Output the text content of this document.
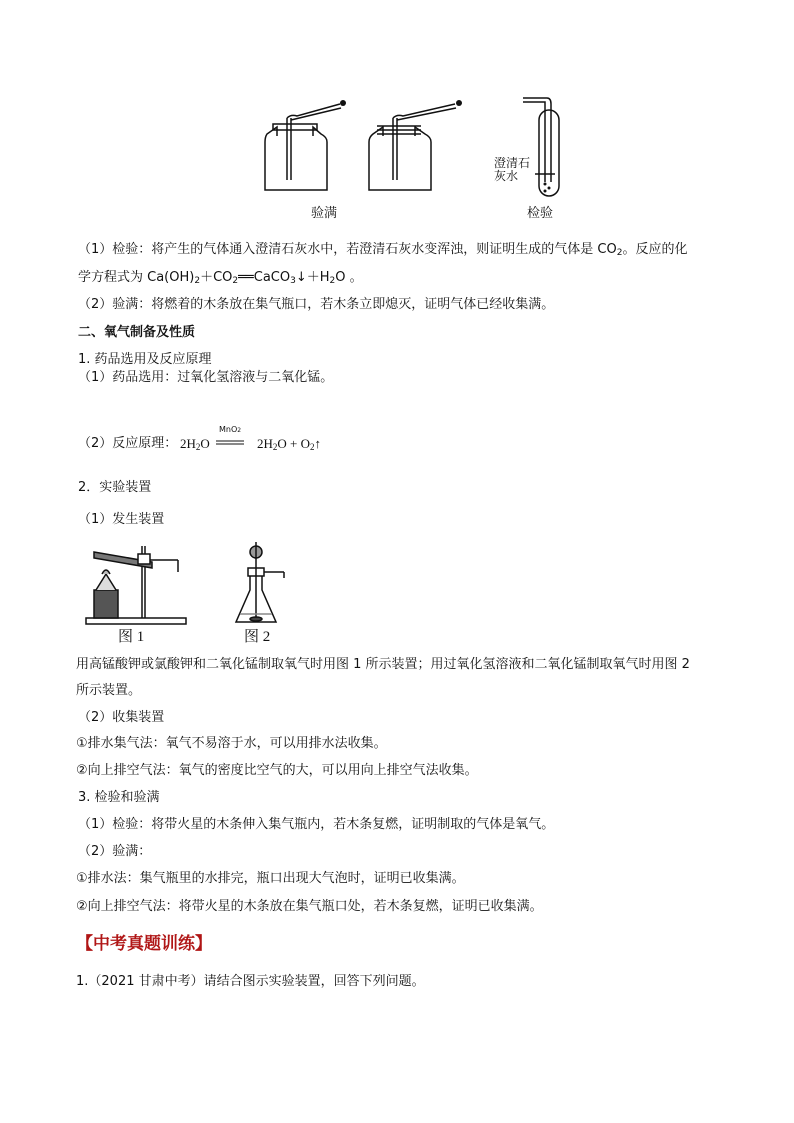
澄清石
灰水
验满	检验
（1）检验：将产生的气体通入澄清石灰水中，若澄清石灰水变浑浊，则证明生成的气体是 $CO_2$。反应的化
学方程式为 $Ca(OH)_2+CO_2══CaCO_3↓+H_2O$ 。
（2）验满：将燃着的木条放在集气瓶口，若木条立即熄灭，证明气体已经收集满。
二、氧气制备及性质
1. 药品选用及反应原理
（1）药品选用：过氧化氢溶液与二氧化锰。
（2）反应原理： $2H_2O$
MnO2
$2H_2O$ + $O_2↑$
2．实验装置
（1）发生装置
图 1	图 2
用高锰酸钾或氯酸钾和二氧化锰制取氧气时用图 1 所示装置；用过氧化氢溶液和二氧化锰制取氧气时用图 2
所示装置。
（2）收集装置
①排水集气法：氧气不易溶于水，可以用排水法收集。
②向上排空气法：氧气的密度比空气的大，可以用向上排空气法收集。
3. 检验和验满
（1）检验：将带火星的木条伸入集气瓶内，若木条复燃，证明制取的气体是氧气。
（2）验满：
①排水法：集气瓶里的水排完，瓶口出现大气泡时，证明已收集满。
②向上排空气法：将带火星的木条放在集气瓶口处，若木条复燃，证明已收集满。
【中考真题训练】
1.（2021 甘肃中考）请结合图示实验装置，回答下列问题。
